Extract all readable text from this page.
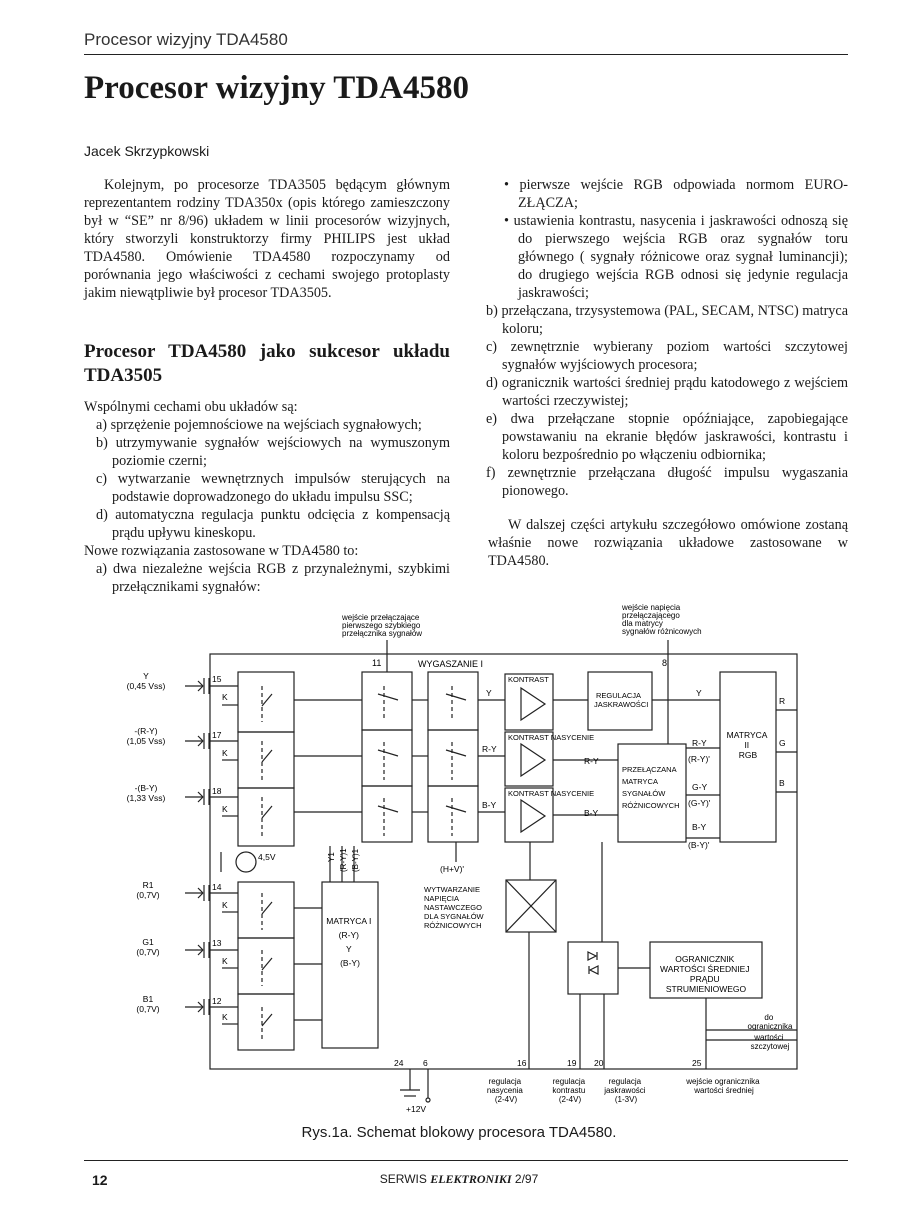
Procesor wizyjny TDA4580
Procesor wizyjny TDA4580
Jacek Skrzypkowski

Kolejnym, po procesorze TDA3505 będącym głównym reprezentantem rodziny TDA350x (opis którego zamieszczony był w “SE” nr 8/96) układem w linii procesorów wizyjnych, który stworzyli konstruktorzy firmy PHILIPS jest układ TDA4580. Omówienie TDA4580 rozpoczynamy od porównania jego właściwości z cechami swojego protoplasty jakim niewątpliwie był procesor TDA3505.

Procesor TDA4580 jako sukcesor układu TDA3505

Wspólnymi cechami obu układów są:

a) sprzężenie pojemnościowe na wejściach sygnałowych;
b) utrzymywanie sygnałów wejściowych na wymuszonym poziomie czerni;
c) wytwarzanie wewnętrznych impulsów sterujących na podstawie doprowadzonego do układu impulsu SSC;
d) automatyczna regulacja punktu odcięcia z kompensacją prądu upływu kineskopu.

Nowe rozwiązania zastosowane w TDA4580 to:

a) dwa niezależne wejścia RGB z przynależnymi, szybkimi przełącznikami sygnałów:
• pierwsze wejście RGB odpowiada normom EURO-ZŁĄCZA;
• ustawienia kontrastu, nasycenia i jaskrawości odnoszą się do pierwszego wejścia RGB oraz sygnałów toru głównego ( sygnały różnicowe oraz sygnał luminancji); do drugiego wejścia RGB odnosi się jedynie regulacja jaskrawości;
b) przełączana, trzysystemowa (PAL, SECAM, NTSC) matryca koloru;
c) zewnętrznie wybierany poziom wartości szczytowej sygnałów wyjściowych procesora;
d) ogranicznik wartości średniej prądu katodowego z wejściem wartości rzeczywistej;
e) dwa przełączane stopnie opóźniające, zapobiegające powstawaniu na ekranie błędów jaskrawości, kontrastu i koloru bezpośrednio po włączeniu odbiornika;
f) zewnętrznie przełączana długość impulsu wygaszania pionowego.

W dalszej części artykułu szczegółowo omówione zostaną właśnie nowe rozwiązania układowe zastosowane w TDA4580.

wejście przełączające pierwszego szybkiego przełącznika sygnałów
wejście napięcia przełączającego dla matrycy sygnałów różnicowych
WYGASZANIE I
11	8
Y
(0,45 Vss)
-(R-Y)
(1,05 Vss)
-(B-Y)
(1,33 Vss)
R1
(0,7V)
G1
(0,7V)
B1
(0,7V)
15
17
18
14
13
12
K
K
K
K
K
K
4,5V
Y
R-Y
B-Y
R-Y
B-Y
Y
R-Y
(R-Y)'
G-Y
(G-Y)'
B-Y
(B-Y)'
R
G
B
(H+V)'
Y1 (R-Y)1 (B-Y)1
KONTRAST
KONTRAST NASYCENIE
KONTRAST NASYCENIE
REGULACJA JASKRAWOŚCI
PRZEŁĄCZANA MATRYCA SYGNAŁÓW RÓŻNICOWYCH
WYTWARZANIE NAPIĘCIA NASTAWCZEGO DLA SYGNAŁÓW RÓŻNICOWYCH
MATRYCA II RGB
MATRYCA I (R-Y) Y (B-Y)	OGRANICZNIK WARTOŚCI ŚREDNIEJ PRĄDU STRUMIENIOWEGO
do ogranicznika
wartości szczytowej
24 6	16	19 20	25
+12V
regulacja nasycenia (2-4V)
regulacja kontrastu (2-4V)
regulacja jaskrawości (1-3V)
wejście ogranicznika wartości średniej
Rys.1a. Schemat blokowy procesora TDA4580.
12	SERWIS ELEKTRONIKI 2/97
